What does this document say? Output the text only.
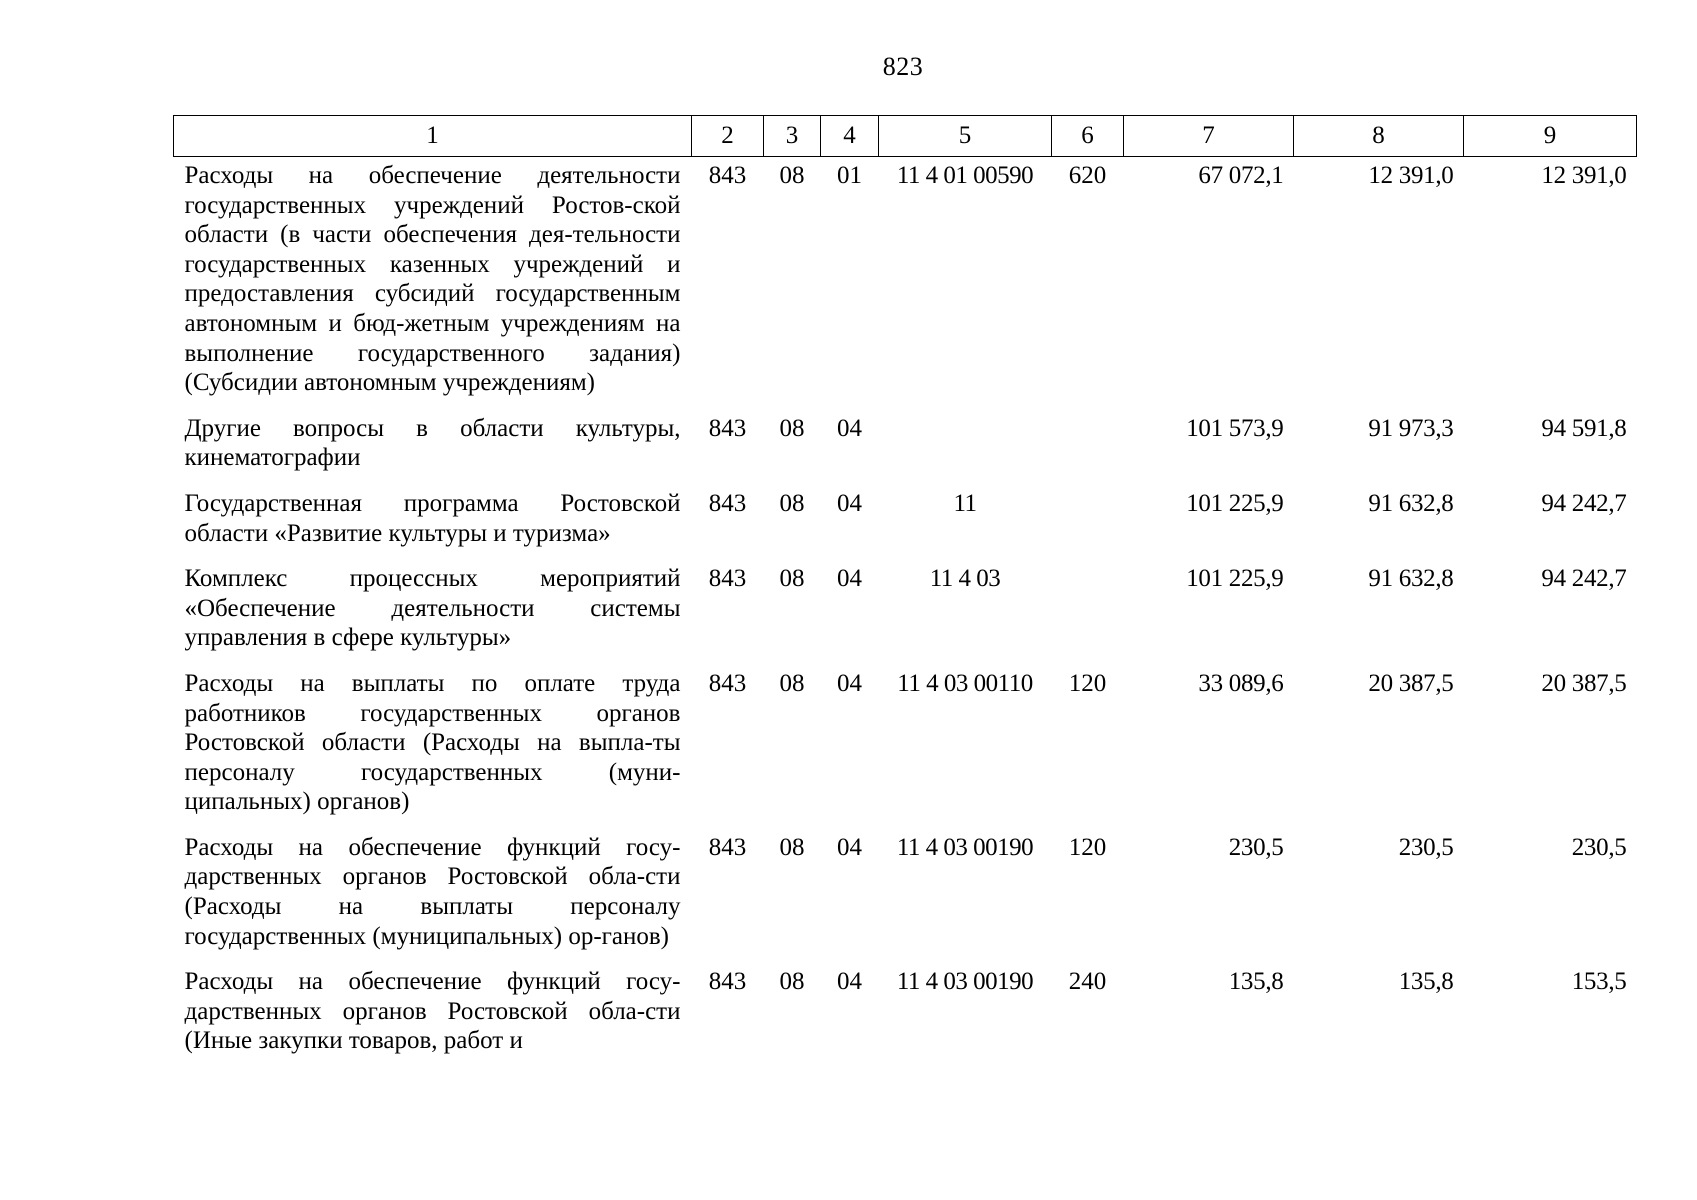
823
1	2	3	4	5	6	7	8	9
Расходы на обеспечение деятельности государственных учреждений Ростов-ской области (в части обеспечения дея-тельности государственных казенных учреждений и предоставления субсидий государственным автономным и бюд-жетным учреждениям на выполнение государственного задания) (Субсидии автономным учреждениям)	843	08	01	11 4 01 00590	620	67 072,1	12 391,0	12 391,0
Другие вопросы в области культуры, кинематографии	843	08	04			101 573,9	91 973,3	94 591,8
Государственная программа Ростовской области «Развитие культуры и туризма»	843	08	04	11		101 225,9	91 632,8	94 242,7
Комплекс процессных мероприятий «Обеспечение деятельности системы управления в сфере культуры»	843	08	04	11 4 03		101 225,9	91 632,8	94 242,7
Расходы на выплаты по оплате труда работников государственных органов Ростовской области (Расходы на выпла-ты персоналу государственных (муни-ципальных) органов)	843	08	04	11 4 03 00110	120	33 089,6	20 387,5	20 387,5
Расходы на обеспечение функций госу-дарственных органов Ростовской обла-сти (Расходы на выплаты персоналу государственных (муниципальных) ор-ганов)	843	08	04	11 4 03 00190	120	230,5	230,5	230,5
Расходы на обеспечение функций госу-дарственных органов Ростовской обла-сти (Иные закупки товаров, работ и	843	08	04	11 4 03 00190	240	135,8	135,8	153,5
